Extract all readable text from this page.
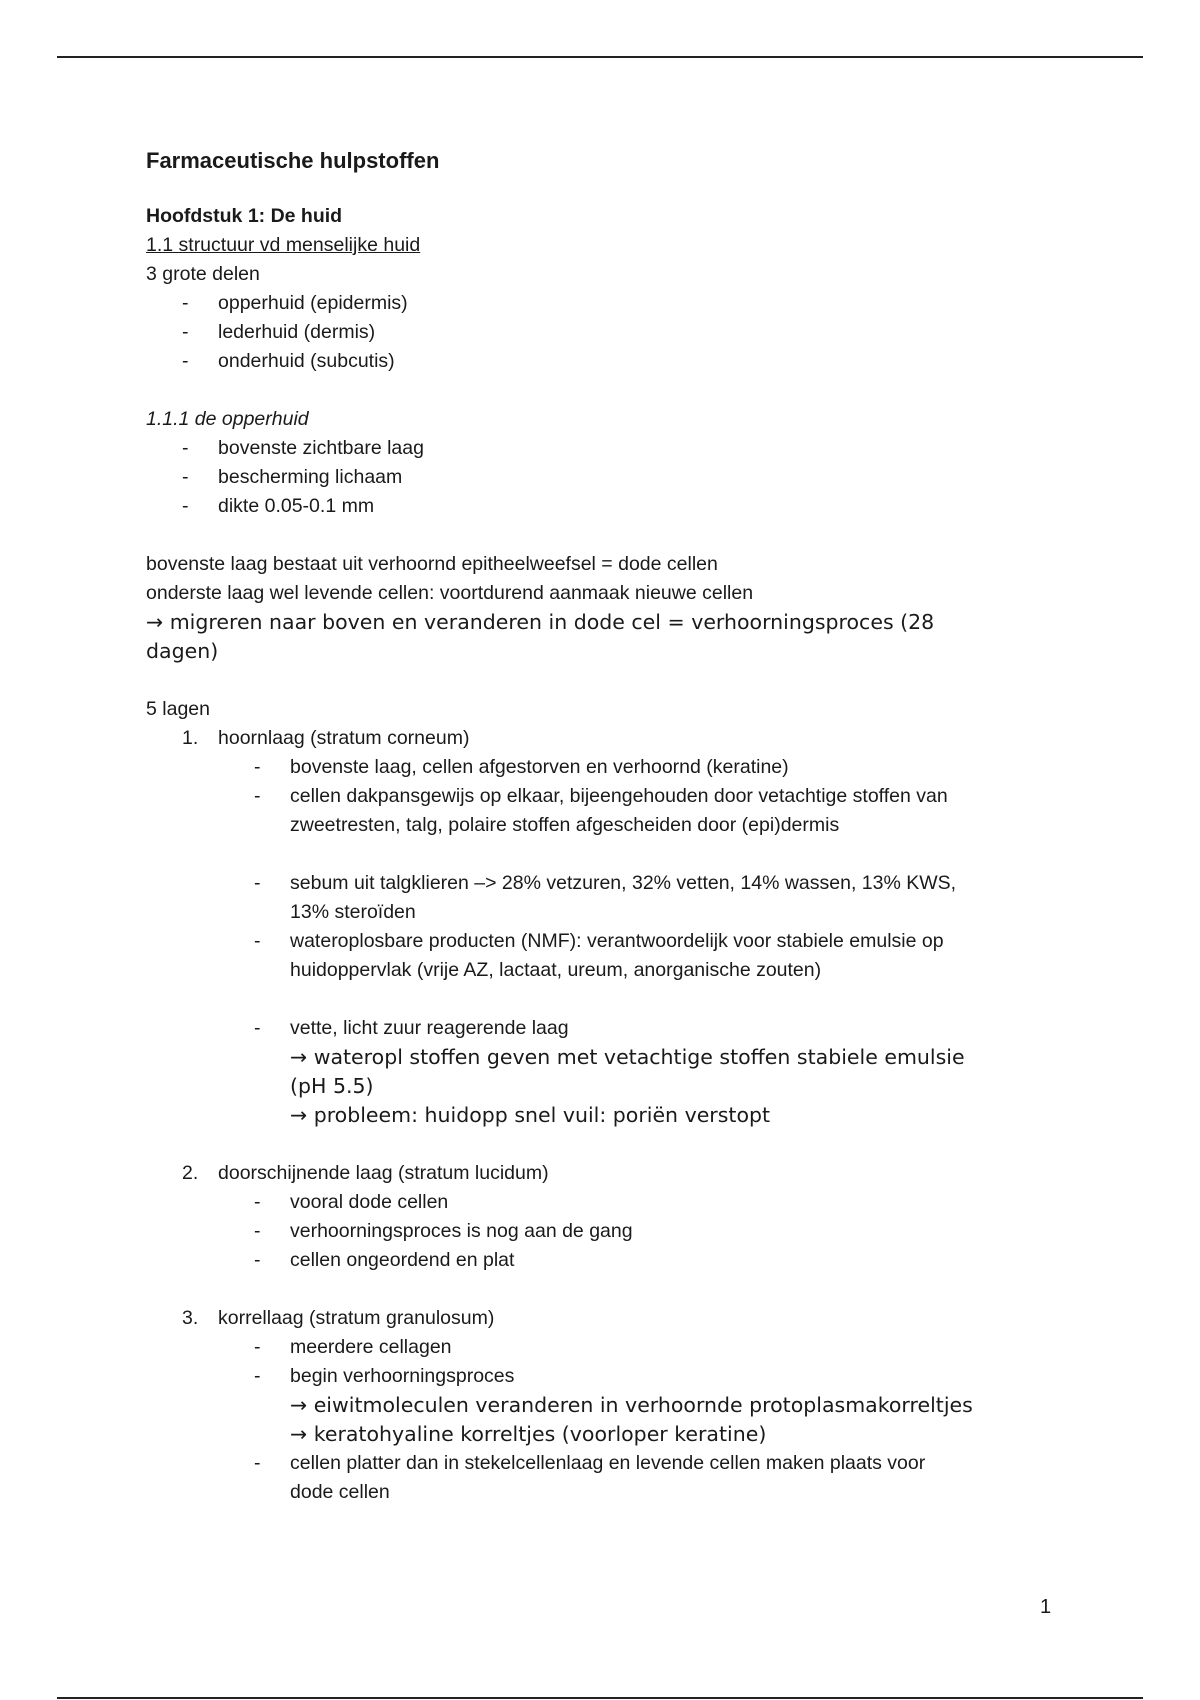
Farmaceutische hulpstoffen
Hoofdstuk 1: De huid
1.1 structuur vd menselijke huid
3 grote delen
- opperhuid (epidermis)
- lederhuid (dermis)
- onderhuid (subcutis)
1.1.1 de opperhuid
- bovenste zichtbare laag
- bescherming lichaam
- dikte 0.05-0.1 mm
bovenste laag bestaat uit verhoornd epitheelweefsel = dode cellen
onderste laag wel levende cellen: voortdurend aanmaak nieuwe cellen
→ migreren naar boven en veranderen in dode cel = verhoorningsproces (28
dagen)
5 lagen
1. hoornlaag (stratum corneum)
- bovenste laag, cellen afgestorven en verhoornd (keratine)
- cellen dakpansgewijs op elkaar, bijeengehouden door vetachtige stoffen van
zweetresten, talg, polaire stoffen afgescheiden door (epi)dermis
- sebum uit talgklieren –> 28% vetzuren, 32% vetten, 14% wassen, 13% KWS,
13% steroïden
- wateroplosbare producten (NMF): verantwoordelijk voor stabiele emulsie op
huidoppervlak (vrije AZ, lactaat, ureum, anorganische zouten)
- vette, licht zuur reagerende laag
→ wateropl stoffen geven met vetachtige stoffen stabiele emulsie
(pH 5.5)
→ probleem: huidopp snel vuil: poriën verstopt
2. doorschijnende laag (stratum lucidum)
- vooral dode cellen
- verhoorningsproces is nog aan de gang
- cellen ongeordend en plat
3. korrellaag (stratum granulosum)
- meerdere cellagen
- begin verhoorningsproces
→ eiwitmoleculen veranderen in verhoornde protoplasmakorreltjes
→ keratohyaline korreltjes (voorloper keratine)
- cellen platter dan in stekelcellenlaag en levende cellen maken plaats voor
dode cellen
1
